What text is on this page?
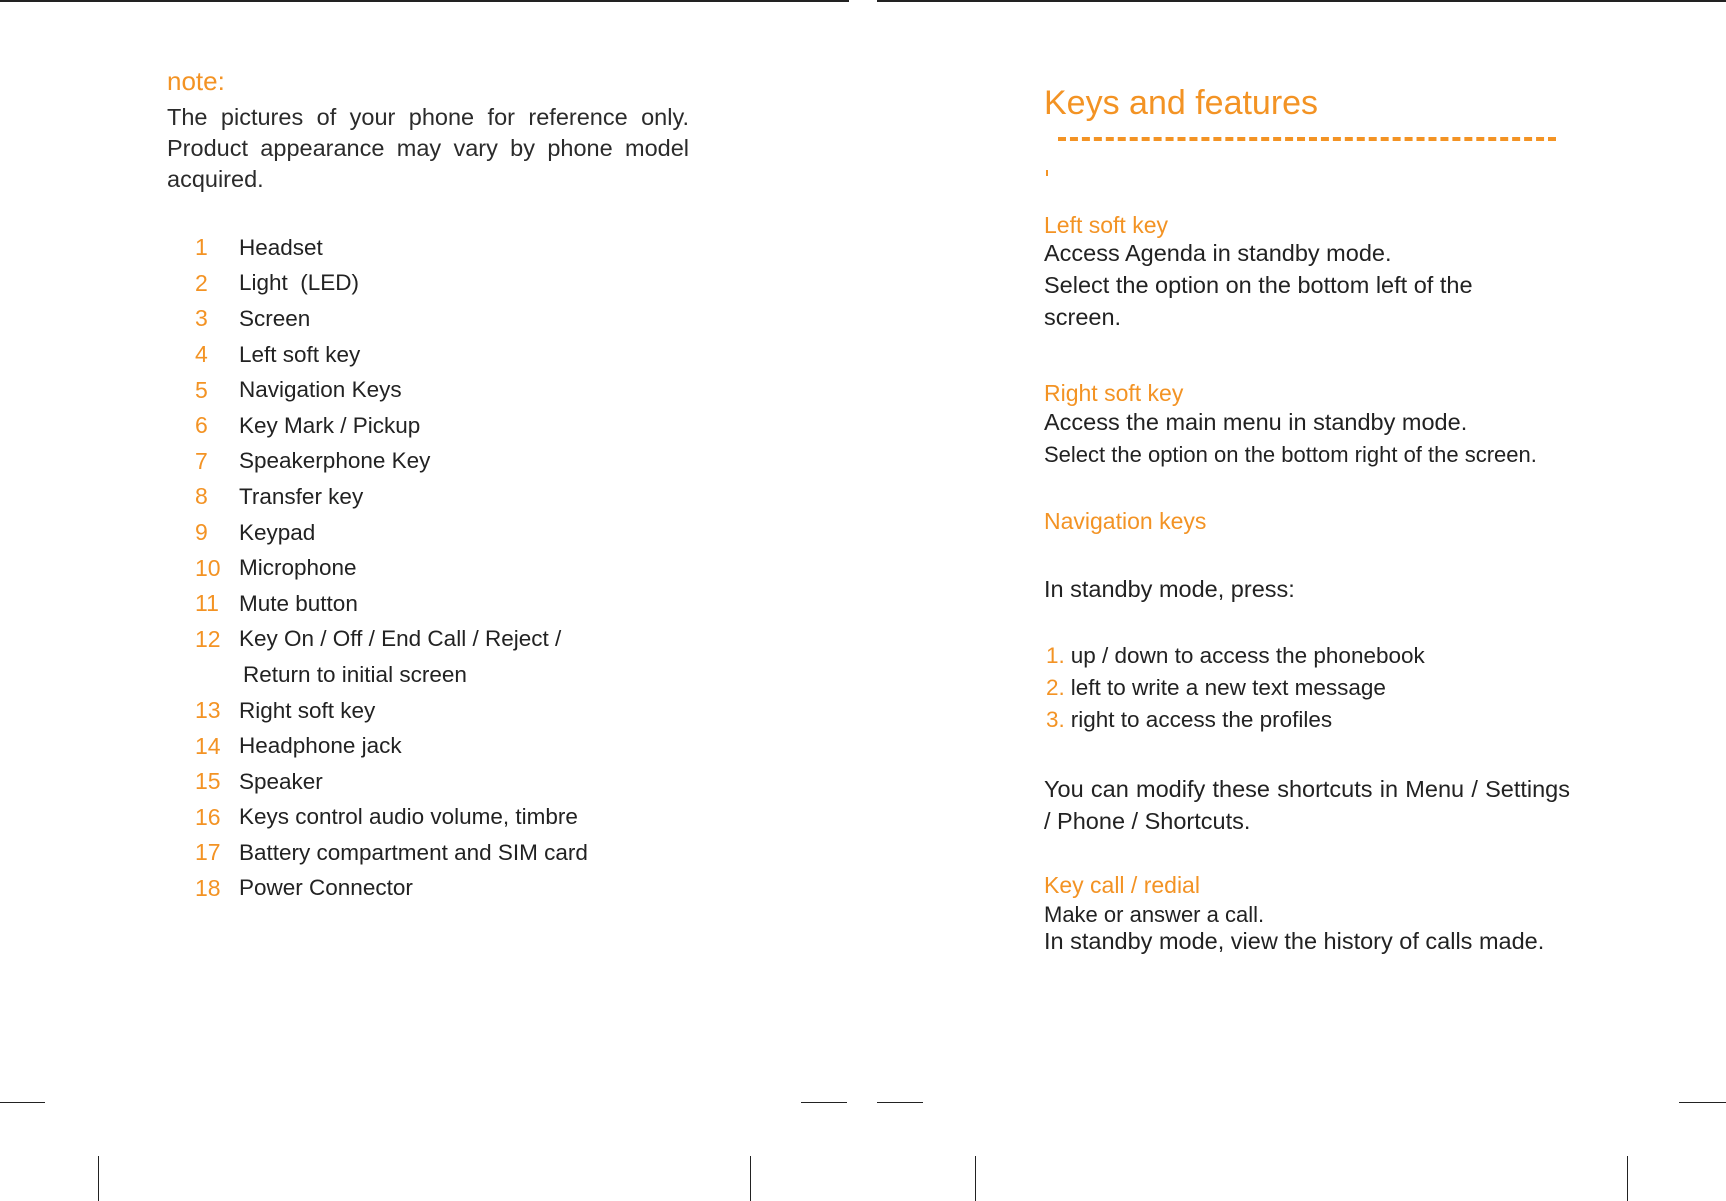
note:

The pictures of your phone for reference only. Product appearance may vary by phone model acquired.

1	Headset
2	Light  (LED)
3	Screen
4	Left soft key
5	Navigation Keys
6	Key Mark / Pickup
7	Speakerphone Key
8	Transfer key
9	Keypad
10 Microphone
11 Mute button
12 Key On / Off / End Call / Reject /
Return to initial screen
13 Right soft key
14 Headphone jack
15 Speaker
16 Keys control audio volume, timbre
17 Battery compartment and SIM card
18 Power Connector
Keys and features
Left soft key

Access Agenda in standby mode.

Select the option on the bottom left of the screen.

Right soft key

Access the main menu in standby mode.

Select the option on the bottom right of the screen.

Navigation keys

In standby mode, press:

1. up / down to access the phonebook
2. left to write a new text message
3. right to access the profiles

You can modify these shortcuts in Menu / Settings / Phone / Shortcuts.

Key call / redial

Make or answer a call.

In standby mode, view the history of calls made.
